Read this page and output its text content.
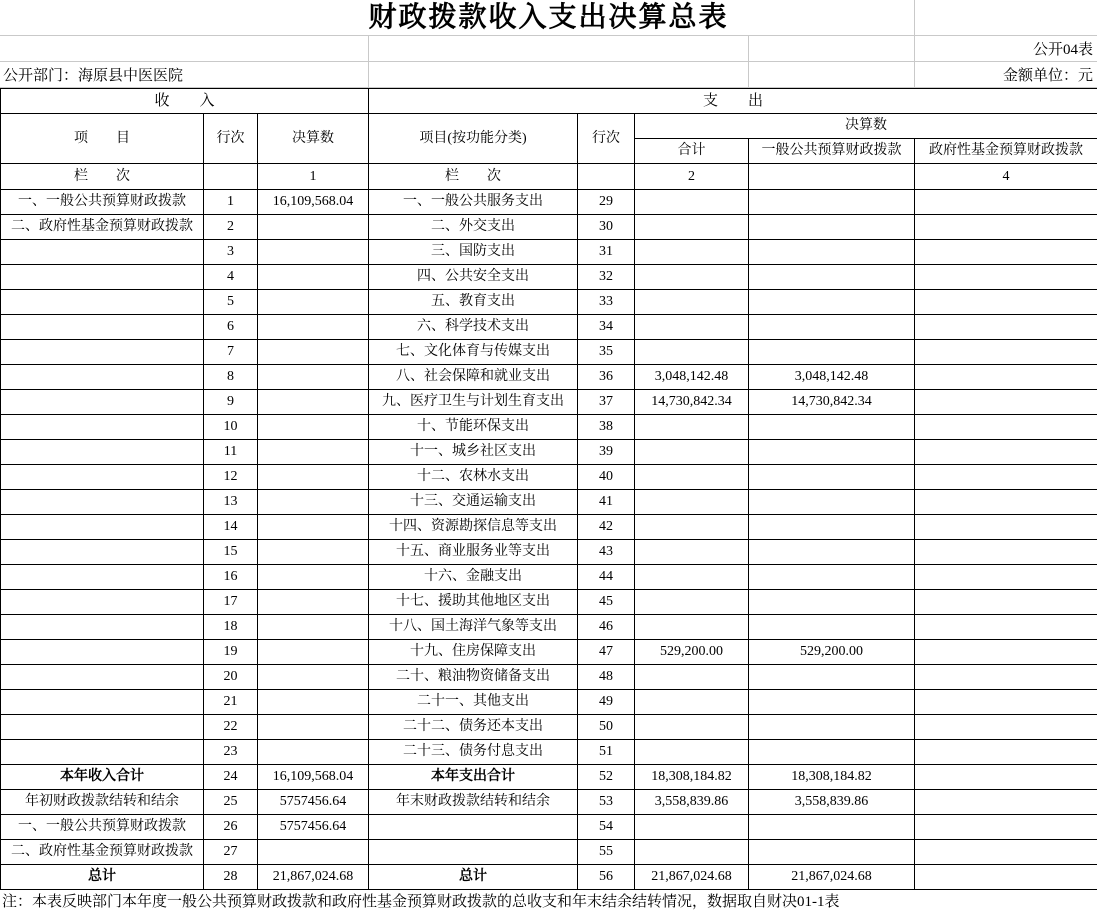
财政拨款收入支出决算总表
公开04表
公开部门：海原县中医医院	金额单位：元
收　　入			支　　出				
项　　目	行次	决算数	项目(按功能分类)	行次	决算数		
					合计	一般公共预算财政拨款	政府性基金预算财政拨款
栏　　次		1	栏　　次		2		4
一、一般公共预算财政拨款	1	16,109,568.04	一、一般公共服务支出	29			
二、政府性基金预算财政拨款	2		二、外交支出	30			
	3		三、国防支出	31			
	4		四、公共安全支出	32			
	5		五、教育支出	33			
	6		六、科学技术支出	34			
	7		七、文化体育与传媒支出	35			
	8		八、社会保障和就业支出	36	3,048,142.48	3,048,142.48	
	9		九、医疗卫生与计划生育支出	37	14,730,842.34	14,730,842.34	
	10		十、节能环保支出	38			
	11		十一、城乡社区支出	39			
	12		十二、农林水支出	40			
	13		十三、交通运输支出	41			
	14		十四、资源勘探信息等支出	42			
	15		十五、商业服务业等支出	43			
	16		十六、金融支出	44			
	17		十七、援助其他地区支出	45			
	18		十八、国土海洋气象等支出	46			
	19		十九、住房保障支出	47	529,200.00	529,200.00	
	20		二十、粮油物资储备支出	48			
	21		二十一、其他支出	49			
	22		二十二、债务还本支出	50			
	23		二十三、债务付息支出	51			
本年收入合计	24	16,109,568.04	本年支出合计	52	18,308,184.82	18,308,184.82	
年初财政拨款结转和结余	25	5757456.64	年末财政拨款结转和结余	53	3,558,839.86	3,558,839.86	
一、一般公共预算财政拨款	26	5757456.64		54			
二、政府性基金预算财政拨款	27			55			
总计	28	21,867,024.68	总计	56	21,867,024.68	21,867,024.68	
注：本表反映部门本年度一般公共预算财政拨款和政府性基金预算财政拨款的总收支和年末结余结转情况，数据取自财决01-1表
